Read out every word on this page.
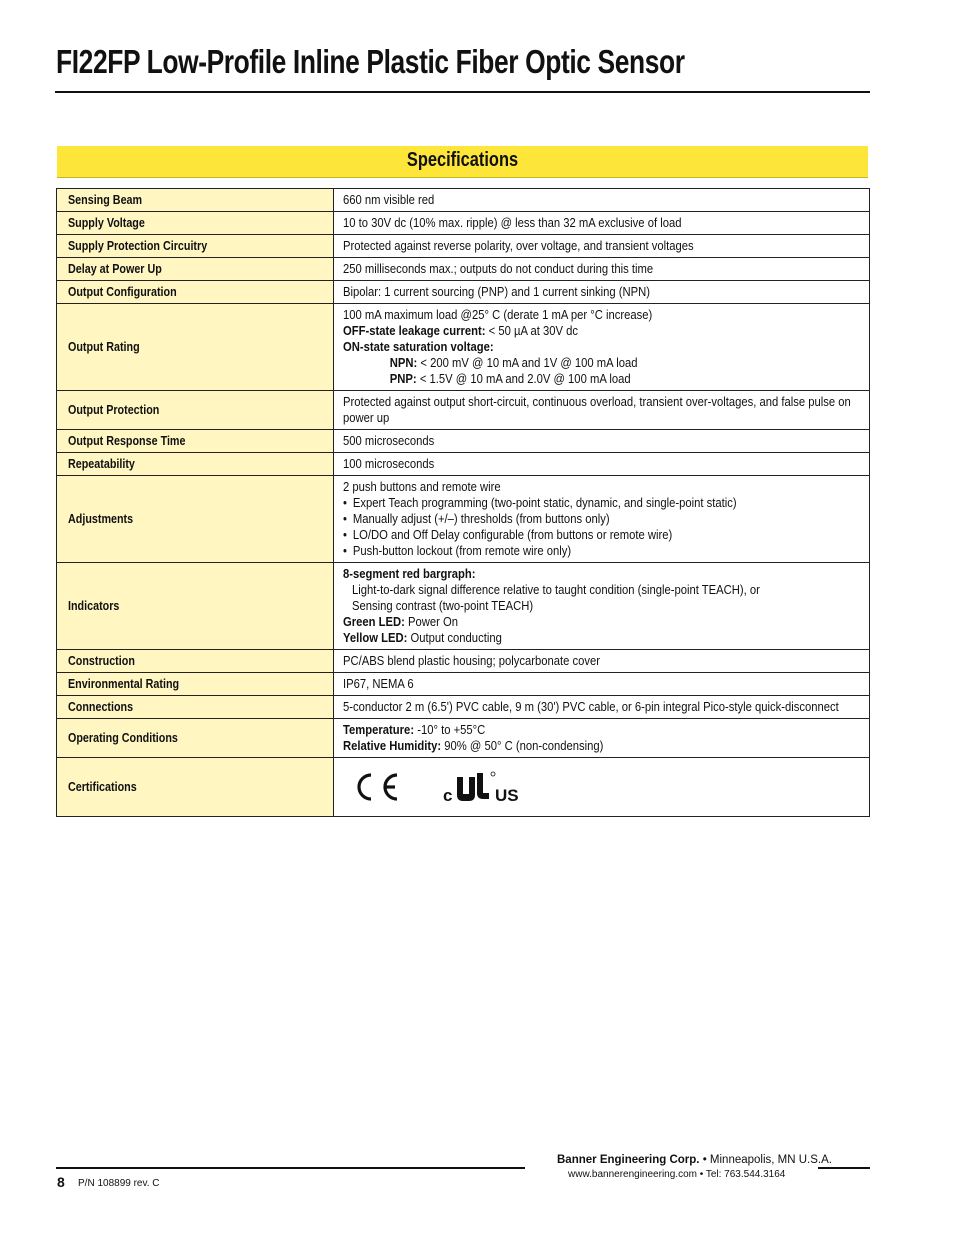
FI22FP Low-Profile Inline Plastic Fiber Optic Sensor
Specifications
Sensing Beam	660 nm visible red
Supply Voltage	10 to 30V dc (10% max. ripple) @ less than 32 mA exclusive of load
Supply Protection Circuitry	Protected against reverse polarity, over voltage, and transient voltages
Delay at Power Up	250 milliseconds max.; outputs do not conduct during this time
Output Configuration	Bipolar: 1 current sourcing (PNP) and 1 current sinking (NPN)
Output Rating	100 mA maximum load @25° C (derate 1 mA per °C increase)
OFF-state leakage current: < 50 µA at 30V dc
ON-state saturation voltage:
NPN: < 200 mV @ 10 mA and 1V @ 100 mA load
PNP: < 1.5V @ 10 mA and 2.0V @ 100 mA load

Output Protection	Protected against output short-circuit, continuous overload, transient over-voltages, and false pulse on power up

Output Response Time	500 microseconds
Repeatability	100 microseconds
Adjustments	2 push buttons and remote wire
• Expert Teach programming (two-point static, dynamic, and single-point static)
• Manually adjust (+/–) thresholds (from buttons only)
• LO/DO and Off Delay configurable (from buttons or remote wire)
• Push-button lockout (from remote wire only)

Indicators	8-segment red bargraph:
Light-to-dark signal difference relative to taught condition (single-point TEACH), or
Sensing contrast (two-point TEACH)
Green LED: Power On
Yellow LED: Output conducting

Construction	PC/ABS blend plastic housing; polycarbonate cover
Environmental Rating	IP67, NEMA 6
Connections	5-conductor 2 m (6.5') PVC cable, 9 m (30') PVC cable, or 6-pin integral Pico-style quick-disconnect
Operating Conditions	Temperature: -10° to +55°C
Relative Humidity: 90% @ 50° C (non-condensing)

Certifications	c US
8 P/N 108899 rev. C
Banner Engineering Corp. • Minneapolis, MN U.S.A.
www.bannerengineering.com • Tel: 763.544.3164
